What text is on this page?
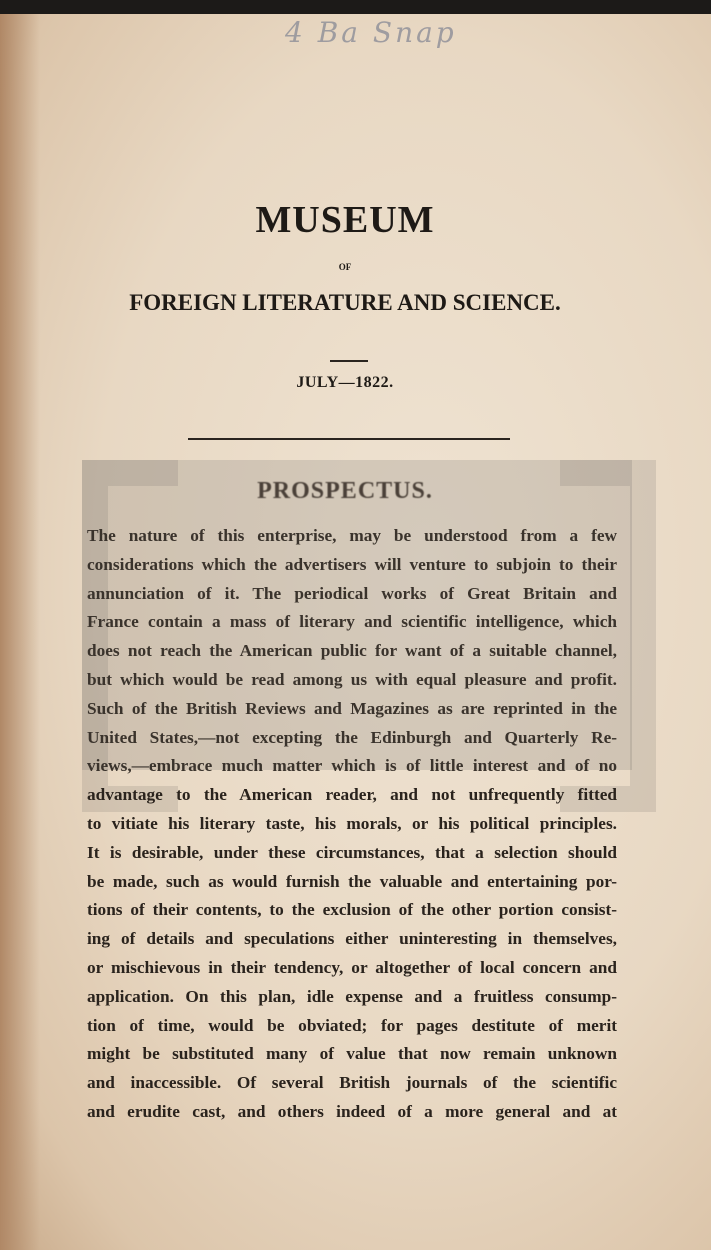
4 Ba Snap
MUSEUM
OF
FOREIGN LITERATURE AND SCIENCE.
JULY—1822.
PROSPECTUS.
The nature of this enterprise, may be understood from a few
considerations which the advertisers will venture to subjoin to their
annunciation of it. The periodical works of Great Britain and
France contain a mass of literary and scientific intelligence, which
does not reach the American public for want of a suitable channel,
but which would be read among us with equal pleasure and profit.
Such of the British Reviews and Magazines as are reprinted in the
United States,—not excepting the Edinburgh and Quarterly Re-
views,—embrace much matter which is of little interest and of no
advantage to the American reader, and not unfrequently fitted
to vitiate his literary taste, his morals, or his political principles.
It is desirable, under these circumstances, that a selection should
be made, such as would furnish the valuable and entertaining por-
tions of their contents, to the exclusion of the other portion consist-
ing of details and speculations either uninteresting in themselves,
or mischievous in their tendency, or altogether of local concern and
application. On this plan, idle expense and a fruitless consump-
tion of time, would be obviated; for pages destitute of merit
might be substituted many of value that now remain unknown
and inaccessible. Of several British journals of the scientific
and erudite cast, and others indeed of a more general and at
